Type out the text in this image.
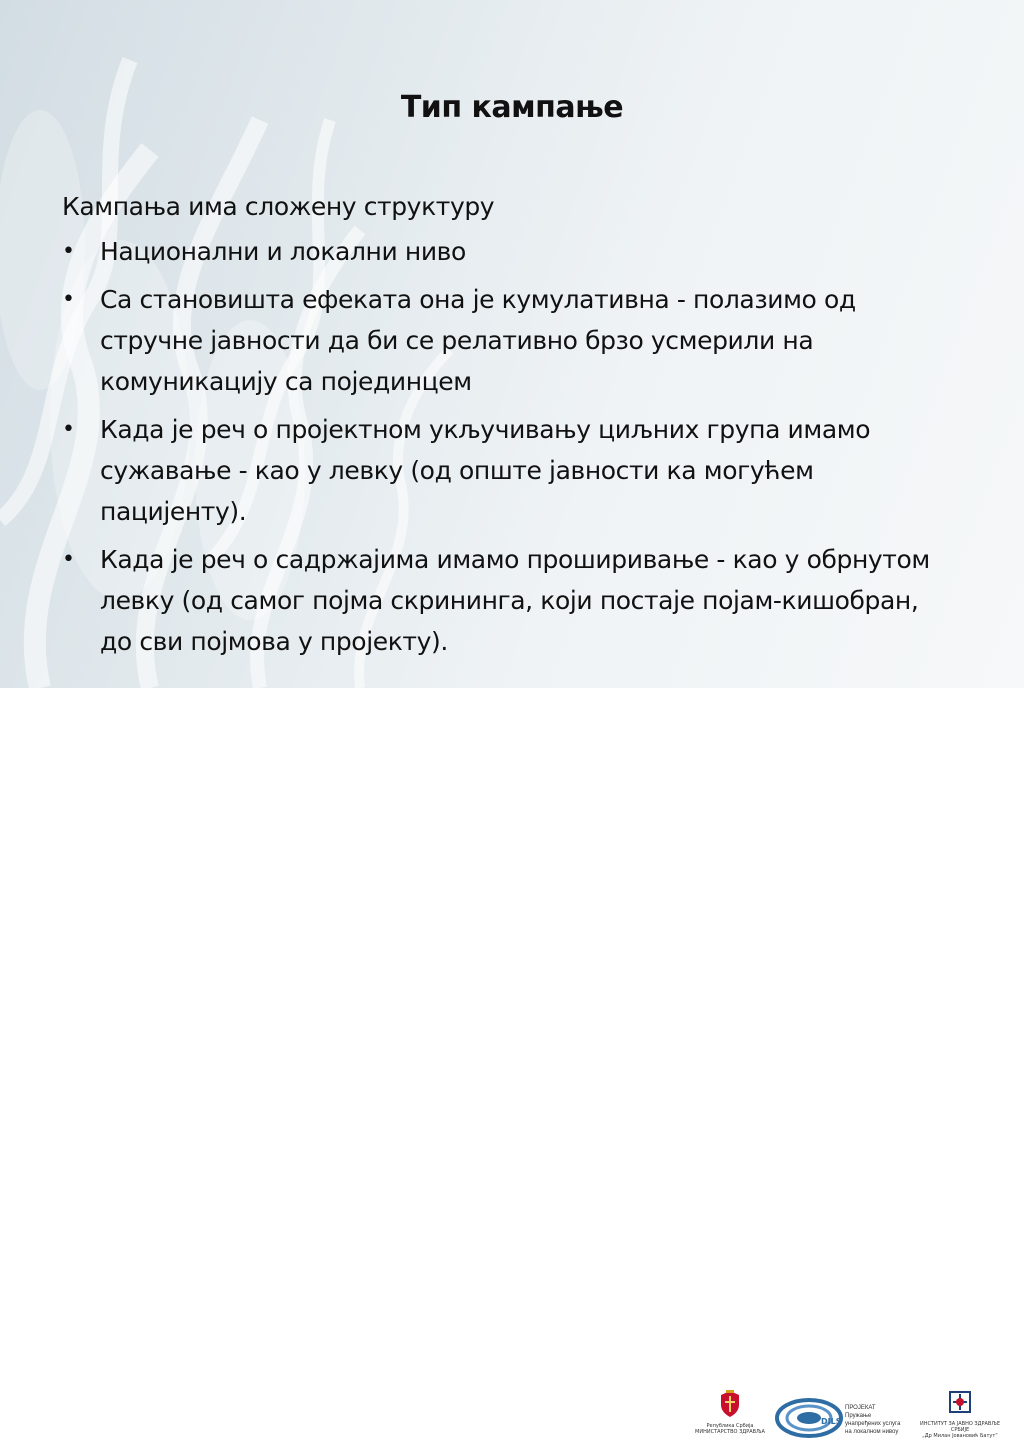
Тип кампање

Кампања има сложену структуру

• Национални и локални ниво
• Са становишта ефеката она је кумулативна - полазимо од стручне јавности да би се релативно брзо усмерили на комуникацију са појединцем
• Када је реч о пројектном укључивању циљних група имамо сужавање - као у левку (од опште јавности ка могућем пацијенту).
• Када је реч о садржајима имамо проширивање - као у обрнутом левку (од самог појма скрининга, који постаје појам-кишобран, до сви појмова у пројекту).
Република Србија
МИНИСТАРСТВО ЗДРАВЉА
DILS
ПРОЈЕКАТ
Пружање
унапређених услуга
на локалном нивоу
ИНСТИТУТ ЗА ЈАВНО ЗДРАВЉЕ СРБИЈЕ
„Др Милан Јовановић Батут“
